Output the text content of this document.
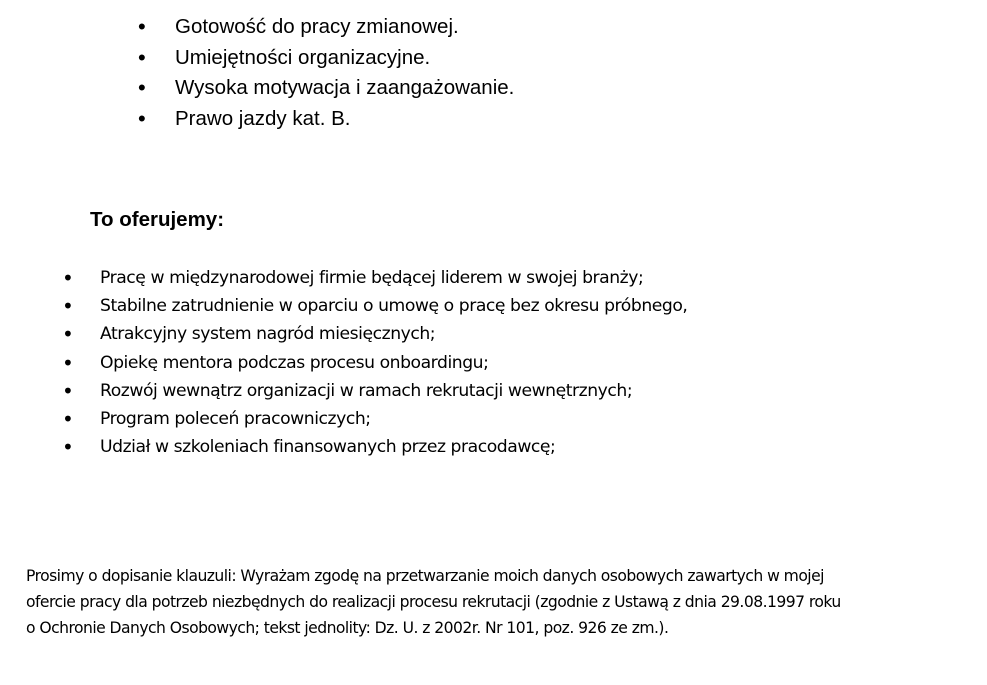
• Gotowość do pracy zmianowej.
• Umiejętności organizacyjne.
• Wysoka motywacja i zaangażowanie.
• Prawo jazdy kat. B.
To oferujemy:
• Pracę w międzynarodowej firmie będącej liderem w swojej branży;
• Stabilne zatrudnienie w oparciu o umowę o pracę bez okresu próbnego,
• Atrakcyjny system nagród miesięcznych;
• Opiekę mentora podczas procesu onboardingu;
• Rozwój wewnątrz organizacji w ramach rekrutacji wewnętrznych;
• Program poleceń pracowniczych;
• Udział w szkoleniach finansowanych przez pracodawcę;

Prosimy o dopisanie klauzuli: Wyrażam zgodę na przetwarzanie moich danych osobowych zawartych w mojej
ofercie pracy dla potrzeb niezbędnych do realizacji procesu rekrutacji (zgodnie z Ustawą z dnia 29.08.1997 roku
o Ochronie Danych Osobowych; tekst jednolity: Dz. U. z 2002r. Nr 101, poz. 926 ze zm.).
